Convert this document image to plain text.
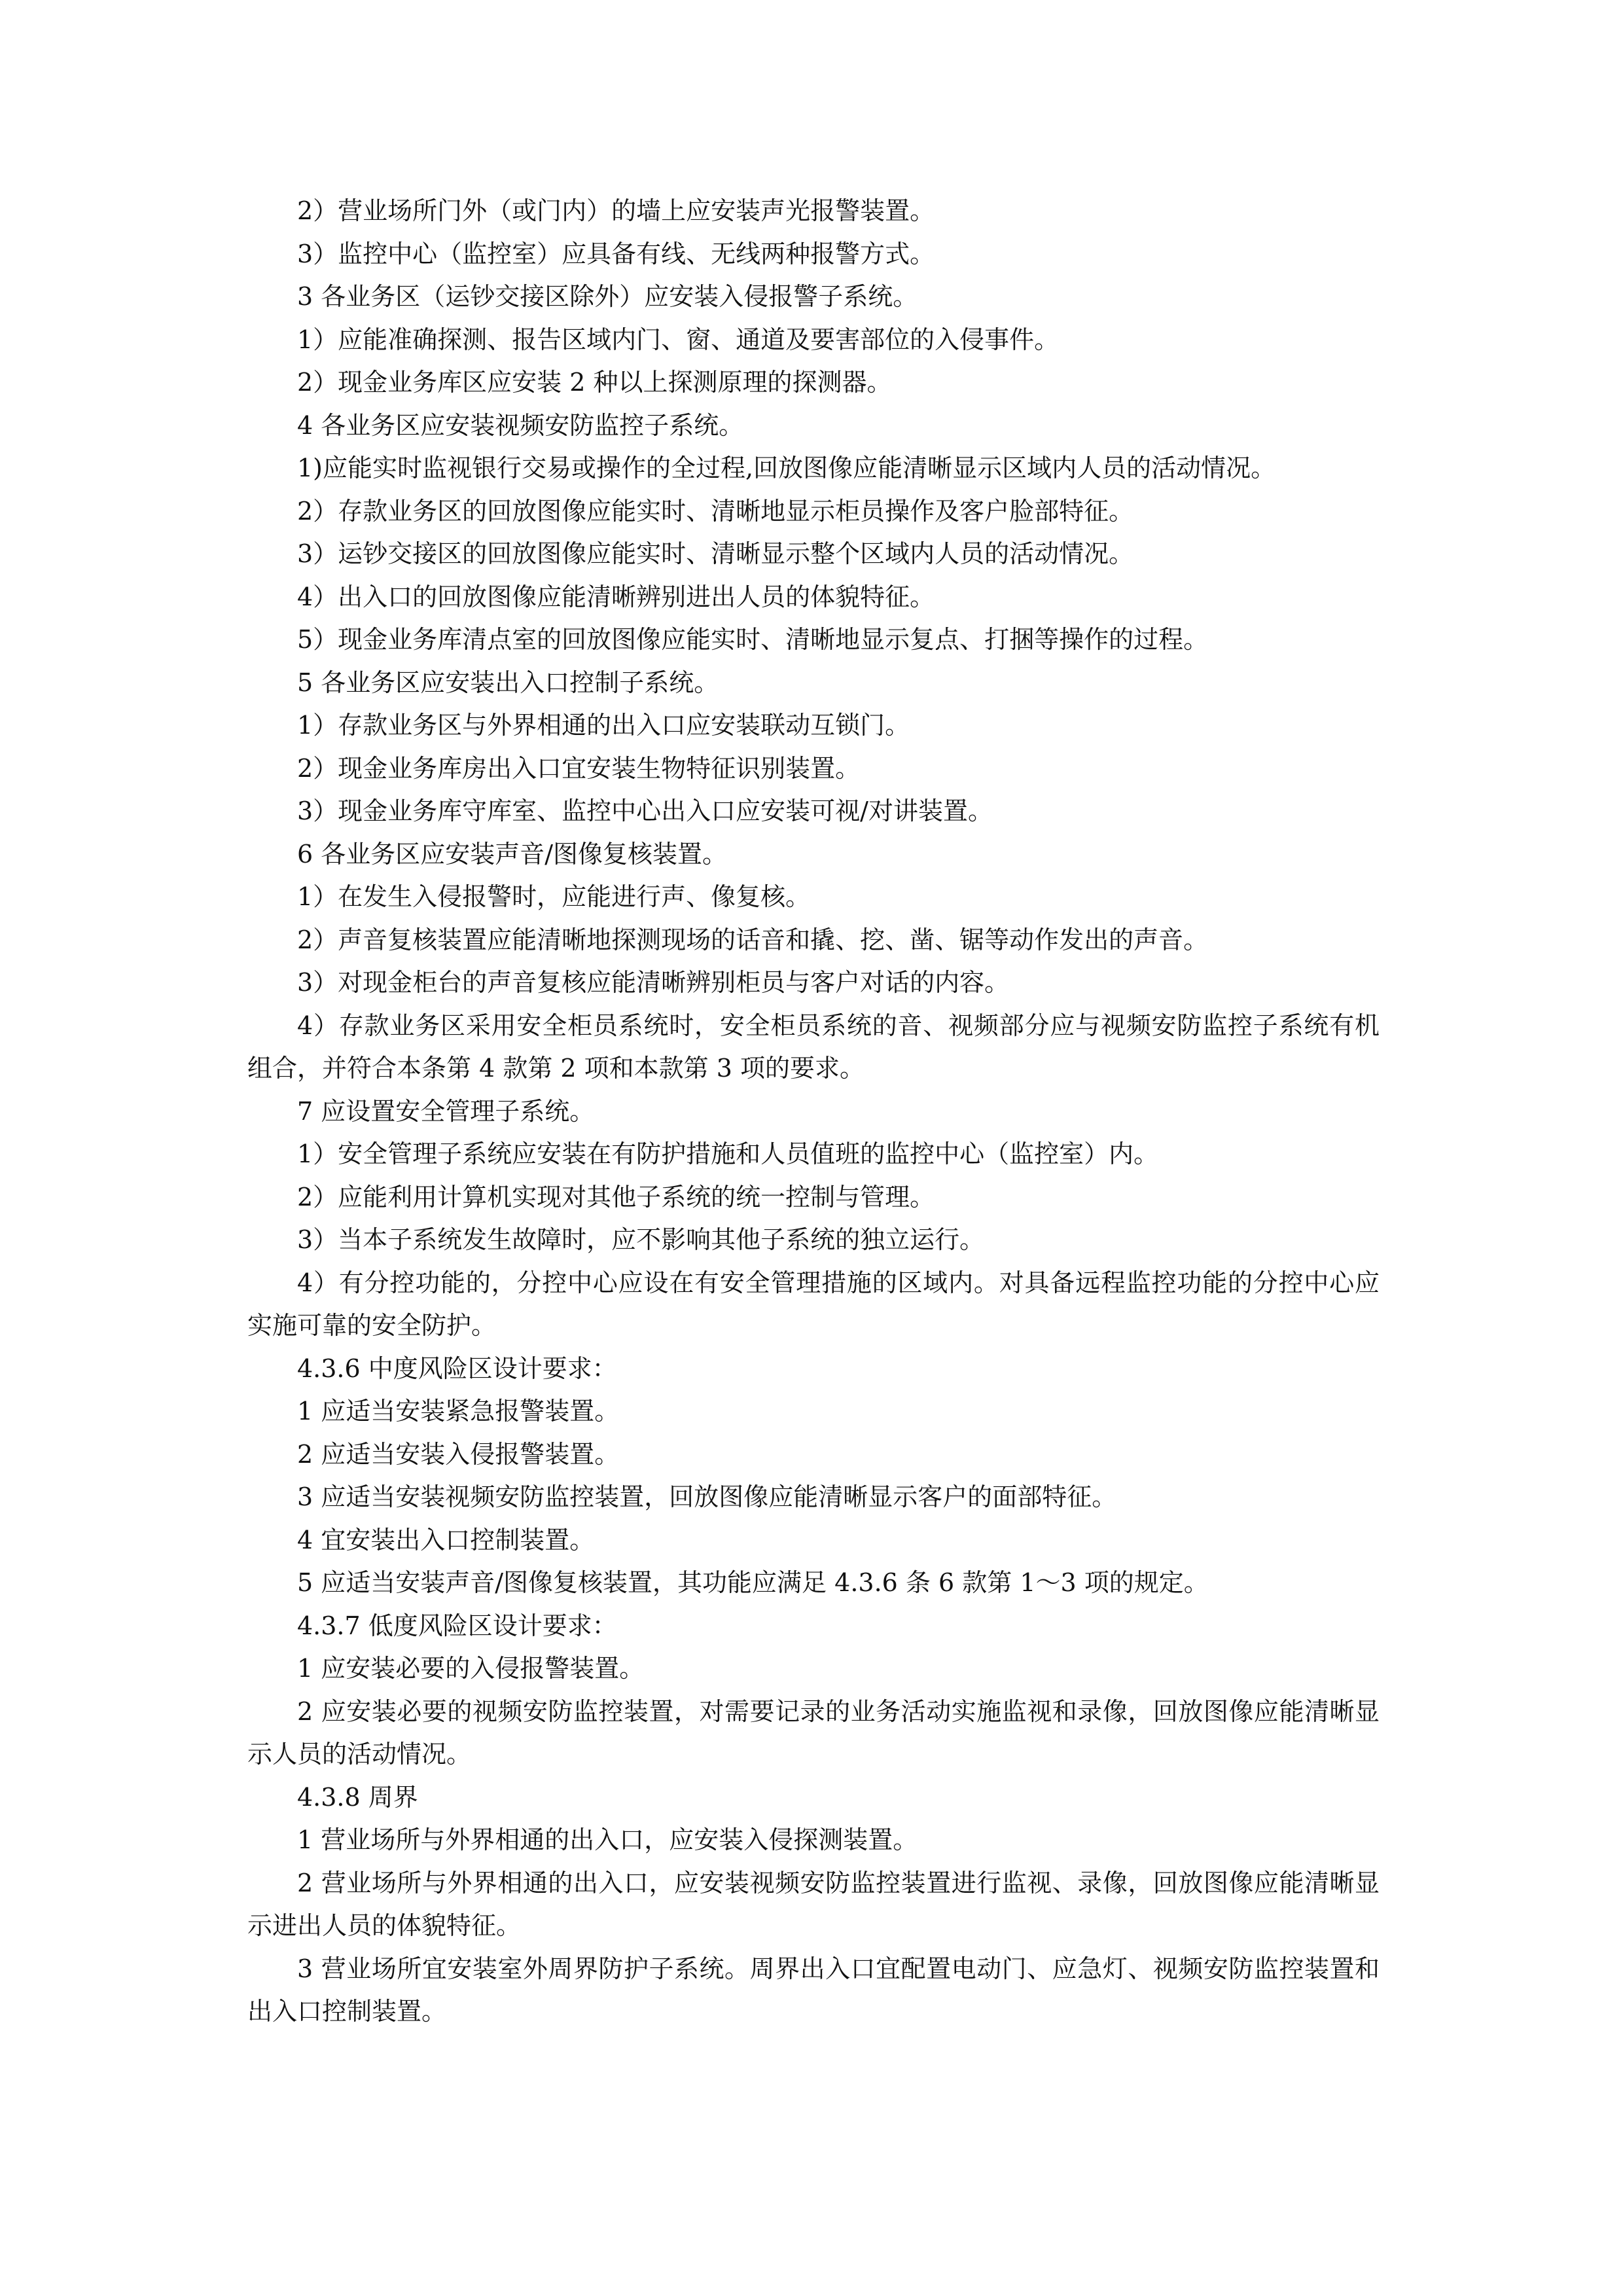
2）营业场所门外（或门内）的墙上应安装声光报警装置。

3）监控中心（监控室）应具备有线、无线两种报警方式。

3 各业务区（运钞交接区除外）应安装入侵报警子系统。

1）应能准确探测、报告区域内门、窗、通道及要害部位的入侵事件。

2）现金业务库区应安装 2 种以上探测原理的探测器。

4 各业务区应安装视频安防监控子系统。

1)应能实时监视银行交易或操作的全过程,回放图像应能清晰显示区域内人员的活动情况。

2）存款业务区的回放图像应能实时、清晰地显示柜员操作及客户脸部特征。

3）运钞交接区的回放图像应能实时、清晰显示整个区域内人员的活动情况。

4）出入口的回放图像应能清晰辨别进出人员的体貌特征。

5）现金业务库清点室的回放图像应能实时、清晰地显示复点、打捆等操作的过程。

5 各业务区应安装出入口控制子系统。

1）存款业务区与外界相通的出入口应安装联动互锁门。

2）现金业务库房出入口宜安装生物特征识别装置。

3）现金业务库守库室、监控中心出入口应安装可视/对讲装置。

6 各业务区应安装声音/图像复核装置。

1）在发生入侵报警时，应能进行声、像复核。

2）声音复核装置应能清晰地探测现场的话音和撬、挖、凿、锯等动作发出的声音。

3）对现金柜台的声音复核应能清晰辨别柜员与客户对话的内容。

4）存款业务区采用安全柜员系统时，安全柜员系统的音、视频部分应与视频安防监控子系统有机组合，并符合本条第 4 款第 2 项和本款第 3 项的要求。

7 应设置安全管理子系统。

1）安全管理子系统应安装在有防护措施和人员值班的监控中心（监控室）内。

2）应能利用计算机实现对其他子系统的统一控制与管理。

3）当本子系统发生故障时，应不影响其他子系统的独立运行。

4）有分控功能的，分控中心应设在有安全管理措施的区域内。对具备远程监控功能的分控中心应实施可靠的安全防护。

4.3.6 中度风险区设计要求：

1 应适当安装紧急报警装置。

2 应适当安装入侵报警装置。

3 应适当安装视频安防监控装置，回放图像应能清晰显示客户的面部特征。

4 宜安装出入口控制装置。

5 应适当安装声音/图像复核装置，其功能应满足 4.3.6 条 6 款第 1～3 项的规定。

4.3.7 低度风险区设计要求：

1 应安装必要的入侵报警装置。

2 应安装必要的视频安防监控装置，对需要记录的业务活动实施监视和录像，回放图像应能清晰显示人员的活动情况。

4.3.8 周界

1 营业场所与外界相通的出入口，应安装入侵探测装置。

2 营业场所与外界相通的出入口，应安装视频安防监控装置进行监视、录像，回放图像应能清晰显示进出人员的体貌特征。

3 营业场所宜安装室外周界防护子系统。周界出入口宜配置电动门、应急灯、视频安防监控装置和出入口控制装置。
